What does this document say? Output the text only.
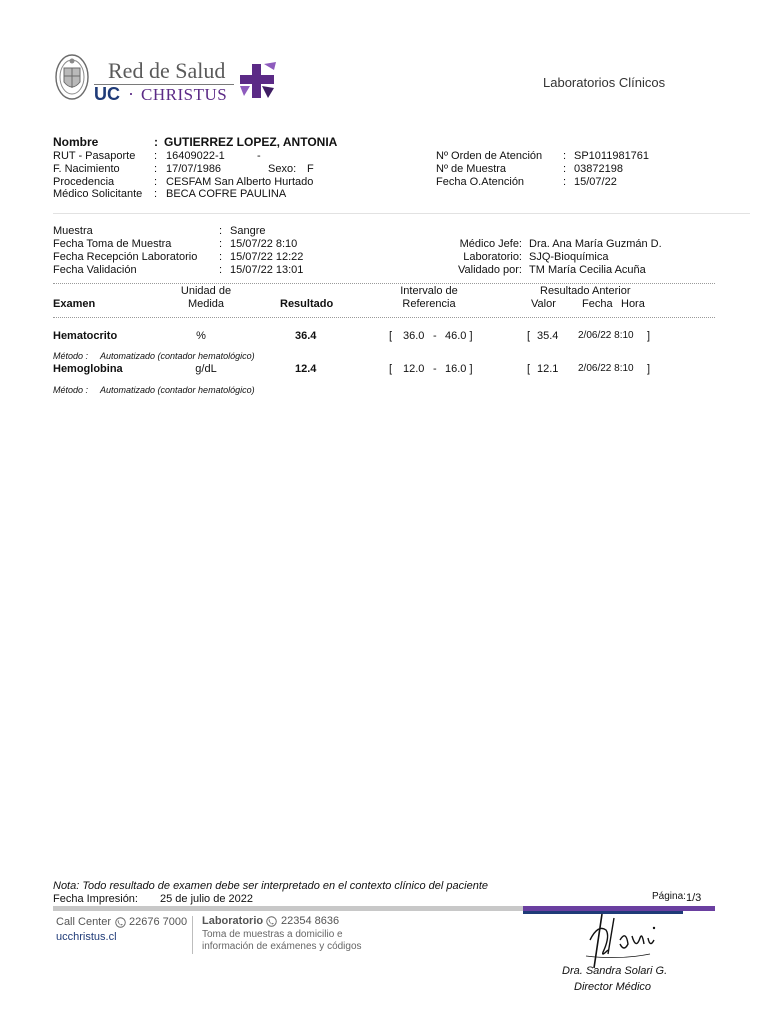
Red de Salud
UC · CHRISTUS
Laboratorios Clínicos
Nombre	: GUTIERREZ LOPEZ, ANTONIA
RUT - Pasaporte : 16409022-1	-
F. Nacimiento	: 17/07/1986	Sexo: F
Procedencia	: CESFAM San Alberto Hurtado
Médico Solicitante : BECA COFRE PAULINA
Nº Orden de Atención : SP1011981761
Nº de Muestra	: 03872198
Fecha O.Atención	: 15/07/22
Muestra	: Sangre
Fecha Toma de Muestra	: 15/07/22 8:10
Fecha Recepción Laboratorio : 15/07/22 12:22
Fecha Validación	: 15/07/22 13:01
Médico Jefe: Dra. Ana María Guzmán D.
Laboratorio: SJQ-Bioquímica
Validado por: TM María Cecilia Acuña
Examen
Unidad de
Medida	Resultado
Intervalo de
Referencia
Resultado Anterior
Valor Fecha Hora
Hematocrito	%	36.4	[ 36.0 - 46.0 ]	[ 35.4 2/06/22 8:10 ]
Método : Automatizado (contador hematológico)
Hemoglobina	g/dL	12.4	[ 12.0 - 16.0 ]	[ 12.1 2/06/22 8:10 ]
Método : Automatizado (contador hematológico)
Nota: Todo resultado de examen debe ser interpretado en el contexto clínico del paciente
Fecha Impresión: 25 de julio de 2022	Página: 1/3
Call Center 22676 7000
ucchristus.cl
Laboratorio 22354 8636
Toma de muestras a domicilio e
información de exámenes y códigos
Dra. Sandra Solari G.
Director Médico
